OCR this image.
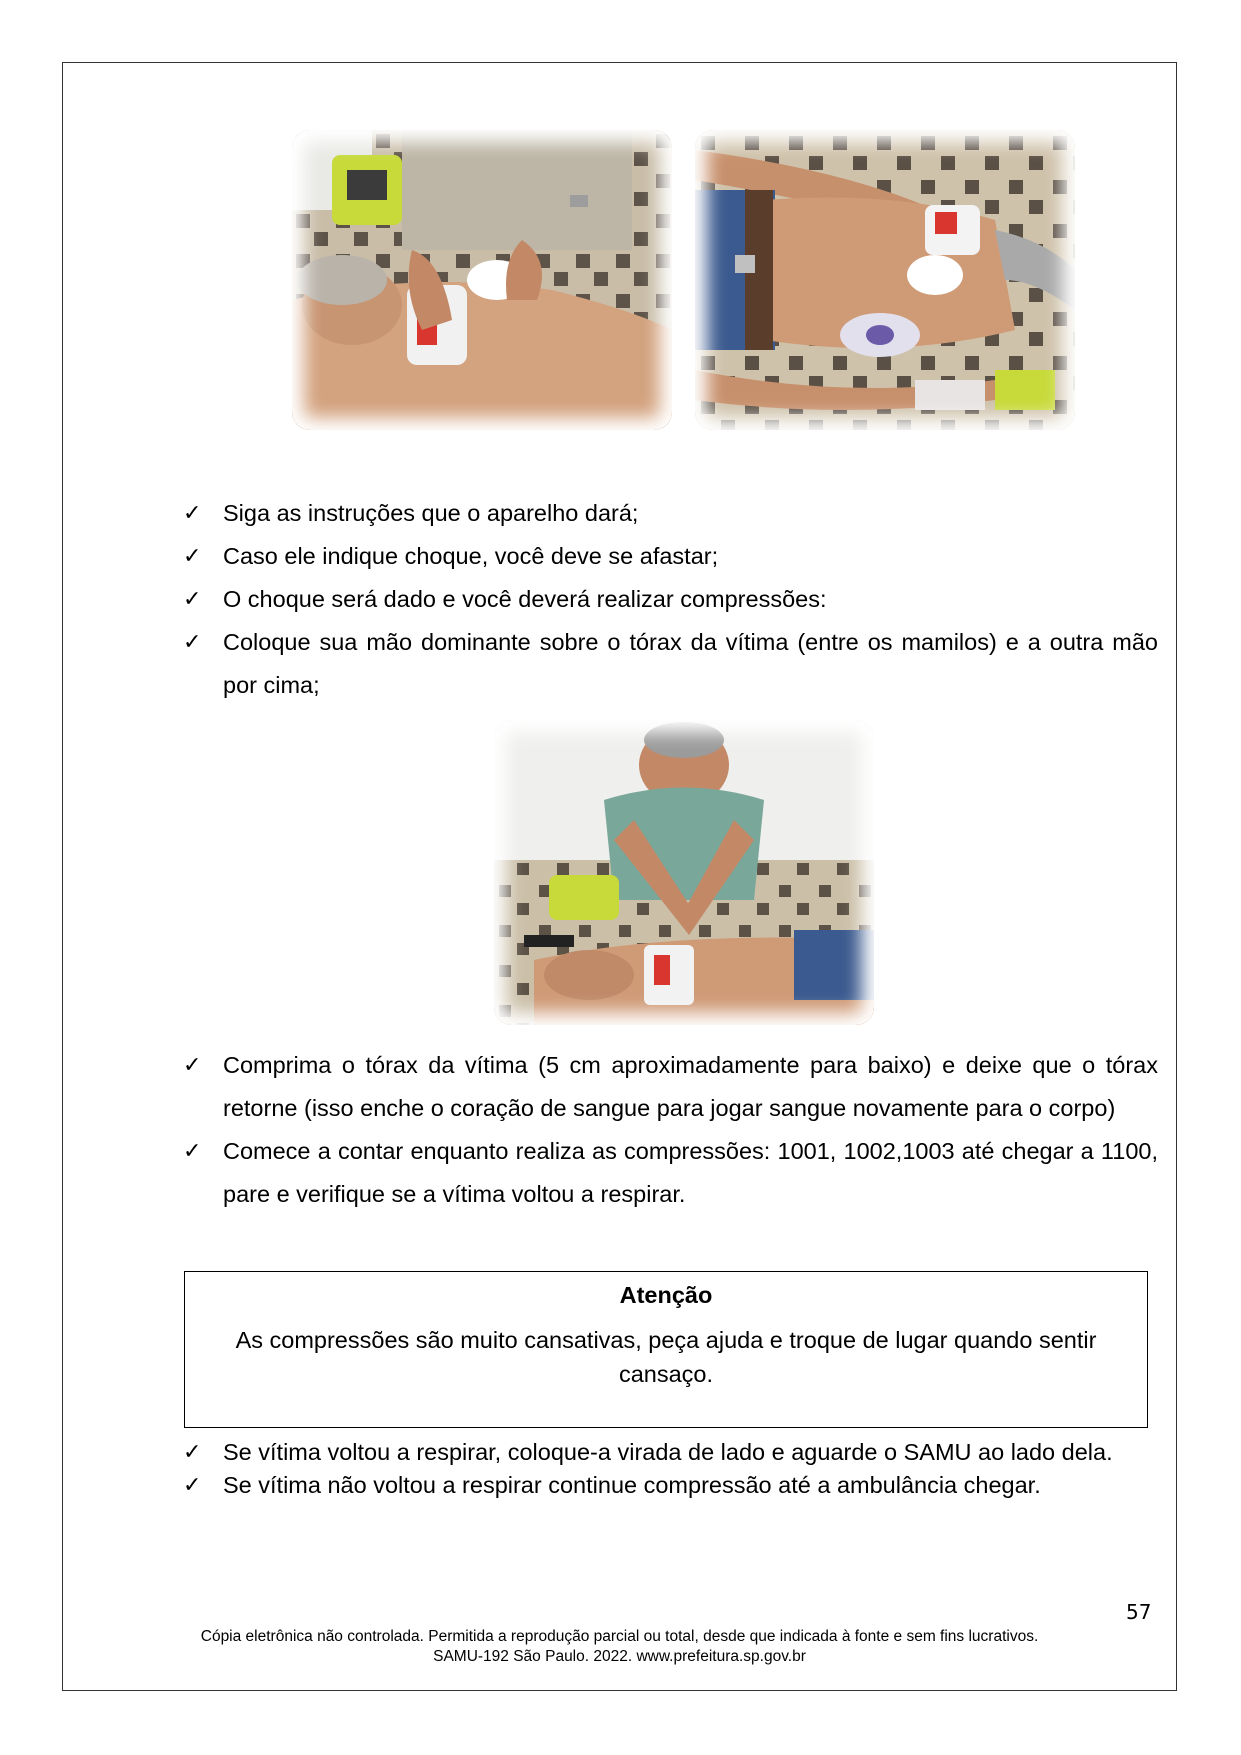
✓ Siga as instruções que o aparelho dará;
✓ Caso ele indique choque, você deve se afastar;
✓ O choque será dado e você deverá realizar compressões:
✓ Coloque sua mão dominante sobre o tórax da vítima (entre os mamilos) e a outra mão por cima;
✓ Comprima o tórax da vítima (5 cm aproximadamente para baixo) e deixe que o tórax retorne (isso enche o coração de sangue para jogar sangue novamente para o corpo)
✓ Comece a contar enquanto realiza as compressões: 1001, 1002,1003 até chegar a 1100, pare e verifique se a vítima voltou a respirar.
Atenção
As compressões são muito cansativas, peça ajuda e troque de lugar quando sentir cansaço.
✓ Se vítima voltou a respirar, coloque-a virada de lado e aguarde o SAMU ao lado dela.
✓ Se vítima não voltou a respirar continue compressão até a ambulância chegar.
57
Cópia eletrônica não controlada. Permitida a reprodução parcial ou total, desde que indicada à fonte e sem fins lucrativos.
SAMU-192 São Paulo. 2022. www.prefeitura.sp.gov.br
